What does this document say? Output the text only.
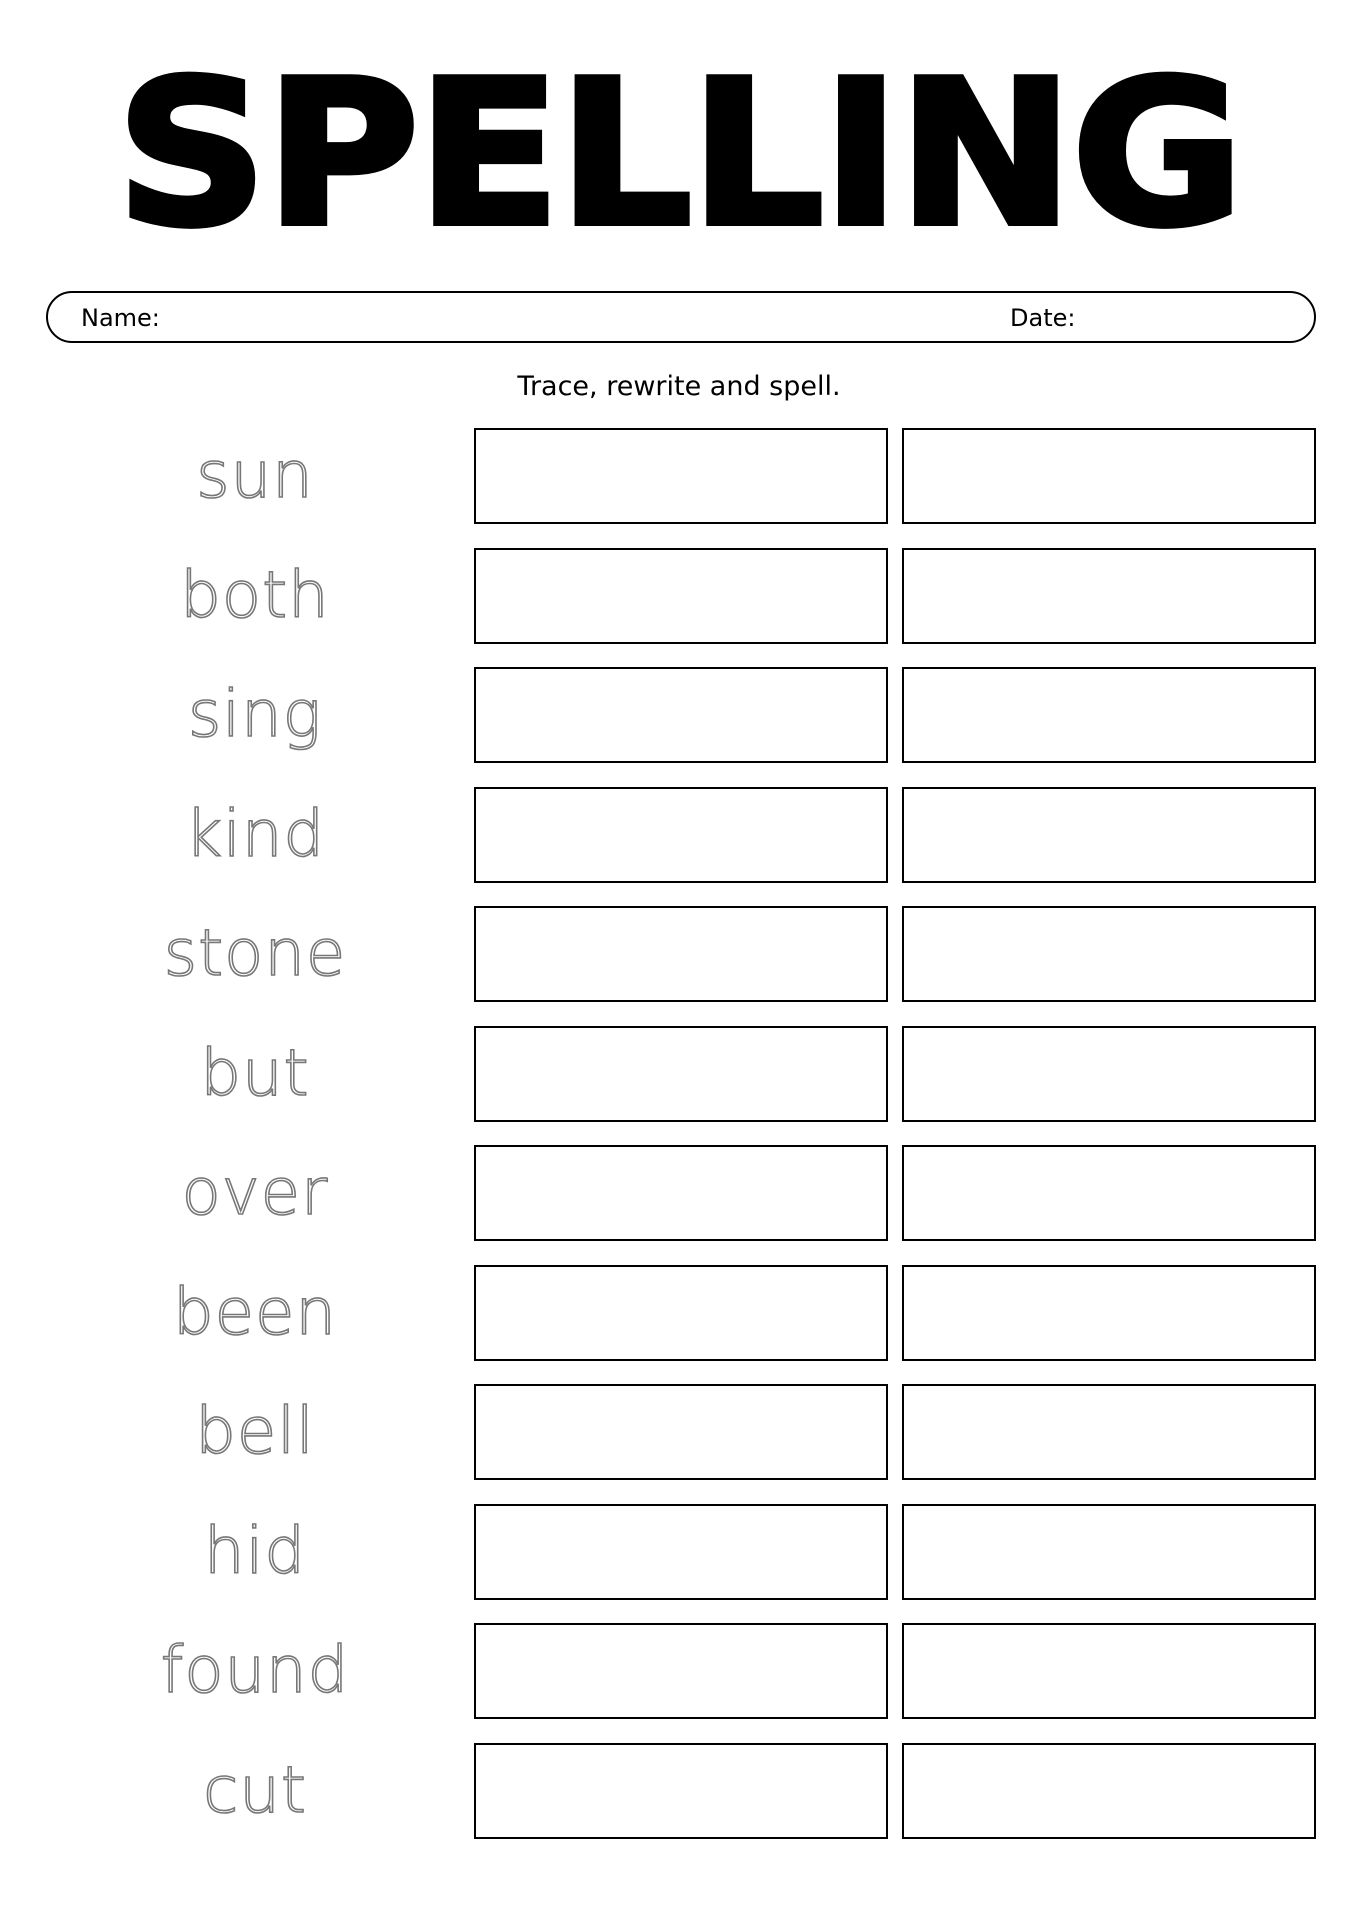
SPELLING
Name:	Date:
Trace, rewrite and spell.
sun
both
sing
kind
stone
but
over
been
bell
hid
found
cut
